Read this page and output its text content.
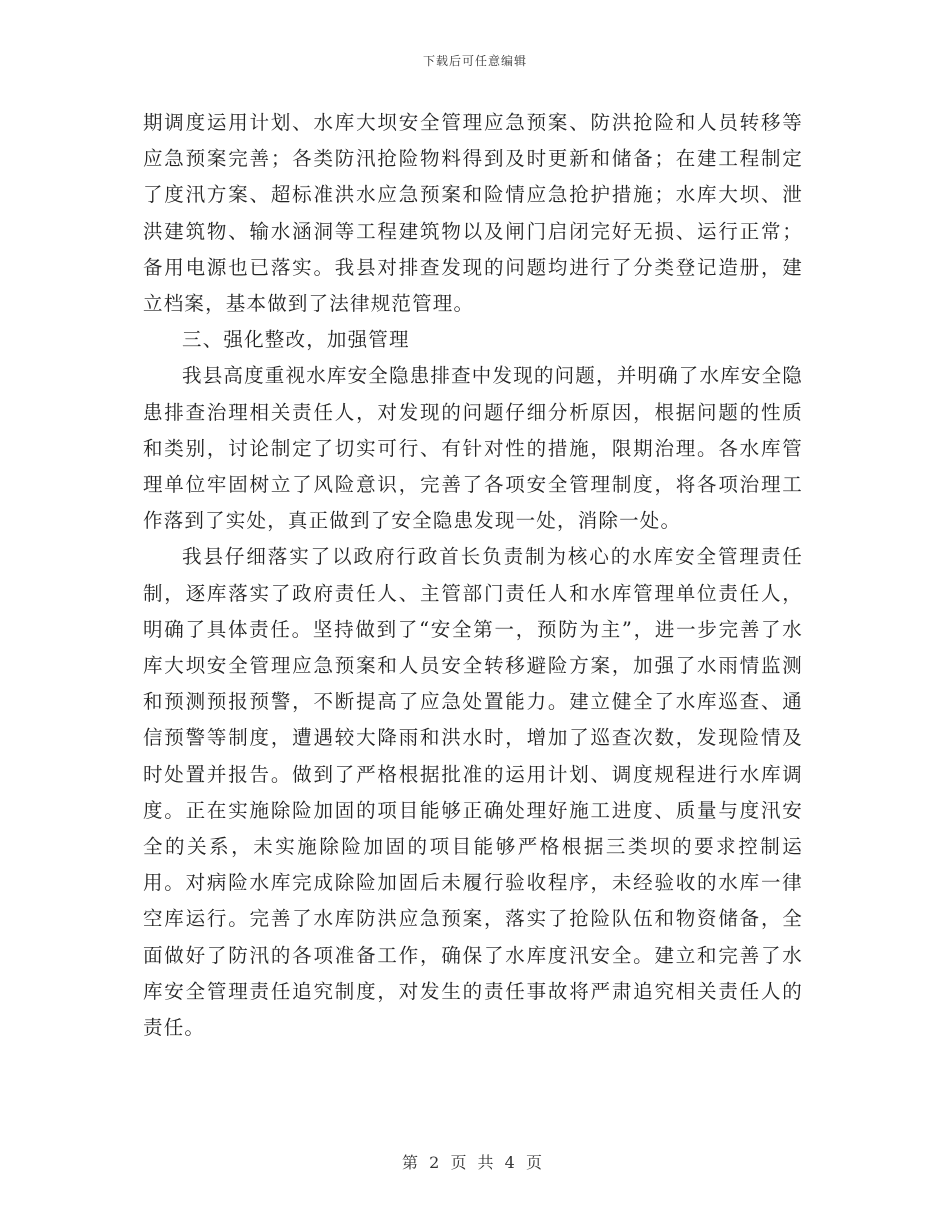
下载后可任意编辑

期调度运用计划、水库大坝安全管理应急预案、防洪抢险和人员转移等应急预案完善；各类防汛抢险物料得到及时更新和储备；在建工程制定了度汛方案、超标准洪水应急预案和险情应急抢护措施；水库大坝、泄洪建筑物、输水涵洞等工程建筑物以及闸门启闭完好无损、运行正常；备用电源也已落实。我县对排查发现的问题均进行了分类登记造册，建立档案，基本做到了法律规范管理。

三、强化整改，加强管理

我县高度重视水库安全隐患排查中发现的问题，并明确了水库安全隐患排查治理相关责任人，对发现的问题仔细分析原因，根据问题的性质和类别，讨论制定了切实可行、有针对性的措施，限期治理。各水库管理单位牢固树立了风险意识，完善了各项安全管理制度，将各项治理工作落到了实处，真正做到了安全隐患发现一处，消除一处。

我县仔细落实了以政府行政首长负责制为核心的水库安全管理责任制，逐库落实了政府责任人、主管部门责任人和水库管理单位责任人，明确了具体责任。坚持做到了“安全第一，预防为主”，进一步完善了水库大坝安全管理应急预案和人员安全转移避险方案，加强了水雨情监测和预测预报预警，不断提高了应急处置能力。建立健全了水库巡查、通信预警等制度，遭遇较大降雨和洪水时，增加了巡查次数，发现险情及时处置并报告。做到了严格根据批准的运用计划、调度规程进行水库调度。正在实施除险加固的项目能够正确处理好施工进度、质量与度汛安全的关系，未实施除险加固的项目能够严格根据三类坝的要求控制运用。对病险水库完成除险加固后未履行验收程序，未经验收的水库一律空库运行。完善了水库防洪应急预案，落实了抢险队伍和物资储备，全面做好了防汛的各项准备工作，确保了水库度汛安全。建立和完善了水库安全管理责任追究制度，对发生的责任事故将严肃追究相关责任人的责任。

第 2 页 共 4 页
